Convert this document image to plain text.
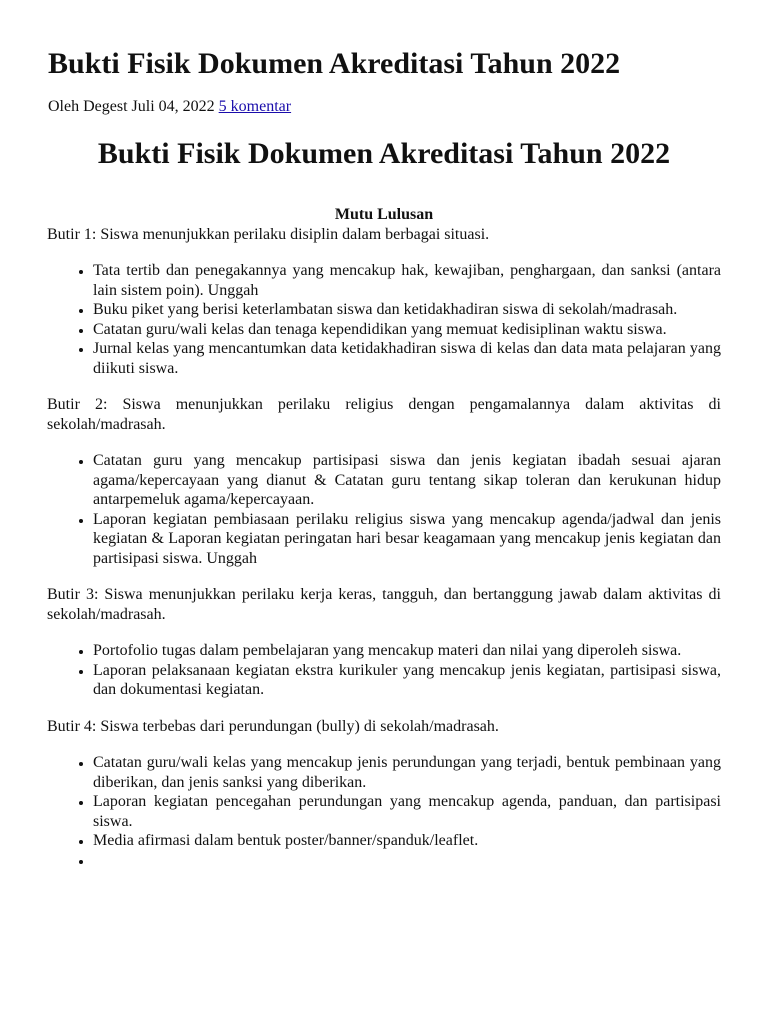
Bukti Fisik Dokumen Akreditasi Tahun 2022
Oleh Degest Juli 04, 2022 5 komentar
Bukti Fisik Dokumen Akreditasi Tahun 2022

Mutu Lulusan

Butir 1: Siswa menunjukkan perilaku disiplin dalam berbagai situasi.

• Tata tertib dan penegakannya yang mencakup hak, kewajiban, penghargaan, dan sanksi (antara lain sistem poin). Unggah
• Buku piket yang berisi keterlambatan siswa dan ketidakhadiran siswa di sekolah/madrasah.
• Catatan guru/wali kelas dan tenaga kependidikan yang memuat kedisiplinan waktu siswa.
• Jurnal kelas yang mencantumkan data ketidakhadiran siswa di kelas dan data mata pelajaran yang diikuti siswa.

Butir 2: Siswa menunjukkan perilaku religius dengan pengamalannya dalam aktivitas di sekolah/madrasah.

• Catatan guru yang mencakup partisipasi siswa dan jenis kegiatan ibadah sesuai ajaran agama/kepercayaan yang dianut & Catatan guru tentang sikap toleran dan kerukunan hidup antarpemeluk agama/kepercayaan.
• Laporan kegiatan pembiasaan perilaku religius siswa yang mencakup agenda/jadwal dan jenis kegiatan & Laporan kegiatan peringatan hari besar keagamaan yang mencakup jenis kegiatan dan partisipasi siswa. Unggah

Butir 3: Siswa menunjukkan perilaku kerja keras, tangguh, dan bertanggung jawab dalam aktivitas di sekolah/madrasah.

• Portofolio tugas dalam pembelajaran yang mencakup materi dan nilai yang diperoleh siswa.
• Laporan pelaksanaan kegiatan ekstra kurikuler yang mencakup jenis kegiatan, partisipasi siswa, dan dokumentasi kegiatan.

Butir 4: Siswa terbebas dari perundungan (bully) di sekolah/madrasah.

• Catatan guru/wali kelas yang mencakup jenis perundungan yang terjadi, bentuk pembinaan yang diberikan, dan jenis sanksi yang diberikan.
• Laporan kegiatan pencegahan perundungan yang mencakup agenda, panduan, dan partisipasi siswa.
• Media afirmasi dalam bentuk poster/banner/spanduk/leaflet.
•
